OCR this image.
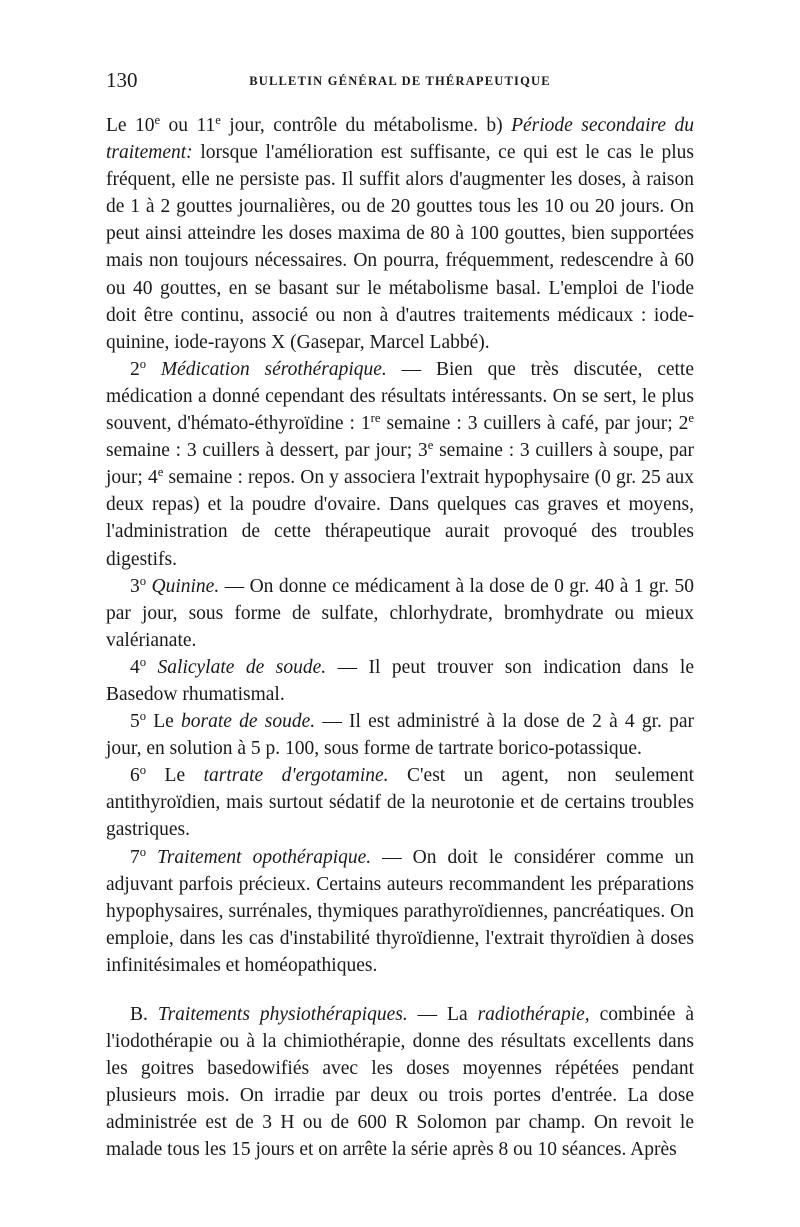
130	BULLETIN GÉNÉRAL DE THÉRAPEUTIQUE

Le 10e ou 11e jour, contrôle du métabolisme. b) Période secondaire du traitement: lorsque l'amélioration est suffisante, ce qui est le cas le plus fréquent, elle ne persiste pas. Il suffit alors d'augmenter les doses, à raison de 1 à 2 gouttes journalières, ou de 20 gouttes tous les 10 ou 20 jours. On peut ainsi atteindre les doses maxima de 80 à 100 gouttes, bien supportées mais non toujours nécessaires. On pourra, fréquemment, redescendre à 60 ou 40 gouttes, en se basant sur le métabolisme basal. L'emploi de l'iode doit être continu, associé ou non à d'autres traitements médicaux : iode-quinine, iode-rayons X (Gasepar, Marcel Labbé).

2$^o$ Médication sérothérapique. — Bien que très discutée, cette médication a donné cependant des résultats intéressants. On se sert, le plus souvent, d'hémato-éthyroïdine : 1re semaine : 3 cuillers à café, par jour; 2e semaine : 3 cuillers à dessert, par jour; 3e semaine : 3 cuillers à soupe, par jour; 4e semaine : repos. On y associera l'extrait hypophysaire (0 gr. 25 aux deux repas) et la poudre d'ovaire. Dans quelques cas graves et moyens, l'administration de cette thérapeutique aurait provoqué des troubles digestifs.

3$^o$ Quinine. — On donne ce médicament à la dose de 0 gr. 40 à 1 gr. 50 par jour, sous forme de sulfate, chlorhydrate, bromhydrate ou mieux valérianate.

4$^o$ Salicylate de soude. — Il peut trouver son indication dans le Basedow rhumatismal.

5$^o$ Le borate de soude. — Il est administré à la dose de 2 à 4 gr. par jour, en solution à 5 p. 100, sous forme de tartrate borico-potassique.

6$^o$ Le tartrate d'ergotamine. C'est un agent, non seulement antithyroïdien, mais surtout sédatif de la neurotonie et de certains troubles gastriques.

7$^o$ Traitement opothérapique. — On doit le considérer comme un adjuvant parfois précieux. Certains auteurs recommandent les préparations hypophysaires, surrénales, thymiques parathyroïdiennes, pancréatiques. On emploie, dans les cas d'instabilité thyroïdienne, l'extrait thyroïdien à doses infinitésimales et homéopathiques.

B. Traitements physiothérapiques. — La radiothérapie, combinée à l'iodothérapie ou à la chimiothérapie, donne des résultats excellents dans les goitres basedowifiés avec les doses moyennes répétées pendant plusieurs mois. On irradie par deux ou trois portes d'entrée. La dose administrée est de 3 H ou de 600 R Solomon par champ. On revoit le malade tous les 15 jours et on arrête la série après 8 ou 10 séances. Après
